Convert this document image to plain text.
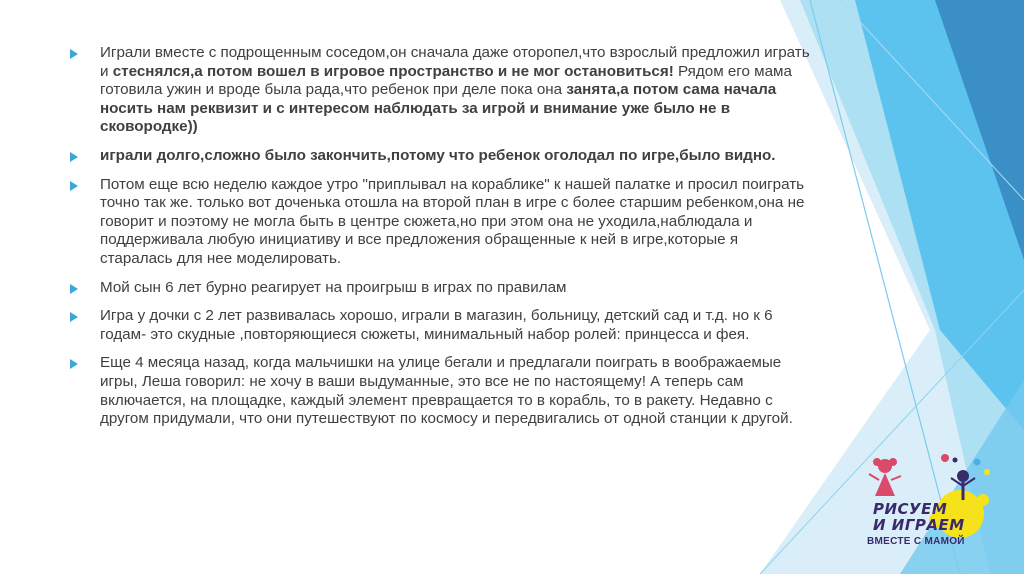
Играли вместе с подрощенным соседом,он сначала даже оторопел,что взрослый предложил играть и стеснялся,а потом вошел в игровое пространство и не мог остановиться! Рядом его мама готовила ужин и вроде была рада,что ребенок при деле пока она занята,а потом сама начала носить нам реквизит и с интересом наблюдать за игрой и внимание уже было не в сковородке))
играли долго,сложно было закончить,потому что ребенок оголодал по игре,было видно.
Потом еще всю неделю каждое утро "приплывал на кораблике" к нашей палатке и просил поиграть точно так же. только вот доченька отошла на второй план в игре с более старшим ребенком,она не говорит и поэтому не могла быть в центре сюжета,но при этом она не уходила,наблюдала и поддерживала любую инициативу и все предложения обращенные к ней в игре,которые я старалась для нее моделировать.
Мой сын 6 лет бурно реагирует на проигрыш в играх по правилам
Игра у дочки с 2 лет развивалась хорошо, играли в магазин, больницу, детский сад и т.д. но к 6 годам- это скудные ,повторяющиеся сюжеты, минимальный набор ролей: принцесса и фея.
Еще 4 месяца назад, когда мальчишки на улице бегали и предлагали поиграть в воображаемые игры, Леша говорил: не хочу в ваши выдуманные, это все не по настоящему! А теперь сам включается, на площадке, каждый элемент превращается то в корабль, то в ракету. Недавно с другом придумали, что они путешествуют по космосу и передвигались от одной станции к другой.
РИСУЕМ
И ИГРАЕМ
ВМЕСТЕ С МАМОЙ
